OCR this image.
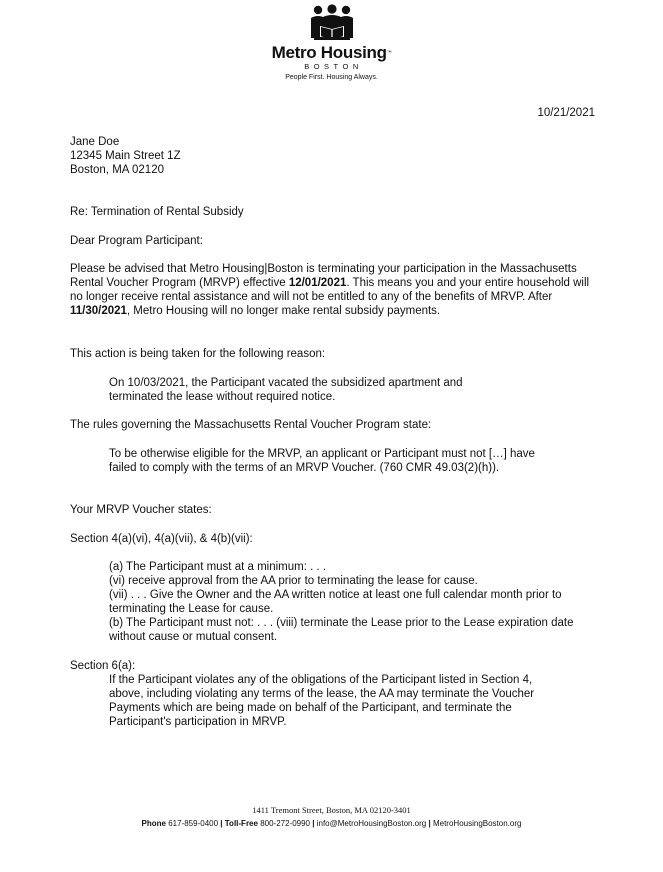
Metro Housing™
BOSTON
People First. Housing Always.
10/21/2021

Jane Doe

12345 Main Street 1Z

Boston, MA 02120

Re: Termination of Rental Subsidy
Dear Program Participant:
Please be advised that Metro Housing|Boston is terminating your participation in the Massachusetts Rental Voucher Program (MRVP) effective 12/01/2021. This means you and your entire household will no longer receive rental assistance and will not be entitled to any of the benefits of MRVP. After 11/30/2021, Metro Housing will no longer make rental subsidy payments.
This action is being taken for the following reason:
On 10/03/2021, the Participant vacated the subsidized apartment and terminated the lease without required notice.
The rules governing the Massachusetts Rental Voucher Program state:
To be otherwise eligible for the MRVP, an applicant or Participant must not […] have failed to comply with the terms of an MRVP Voucher. (760 CMR 49.03(2)(h)).
Your MRVP Voucher states:
Section 4(a)(vi), 4(a)(vii), & 4(b)(vii):

(a) The Participant must at a minimum: . . .

(vi) receive approval from the AA prior to terminating the lease for cause.

(vii) . . . Give the Owner and the AA written notice at least one full calendar month prior to terminating the Lease for cause.

(b) The Participant must not: . . . (viii) terminate the Lease prior to the Lease expiration date without cause or mutual consent.

Section 6(a):
If the Participant violates any of the obligations of the Participant listed in Section 4, above, including violating any terms of the lease, the AA may terminate the Voucher Payments which are being made on behalf of the Participant, and terminate the Participant's participation in MRVP.
1411 Tremont Street, Boston, MA 02120-3401
Phone 617-859-0400 | Toll-Free 800-272-0990 | info@MetroHousingBoston.org | MetroHousingBoston.org
